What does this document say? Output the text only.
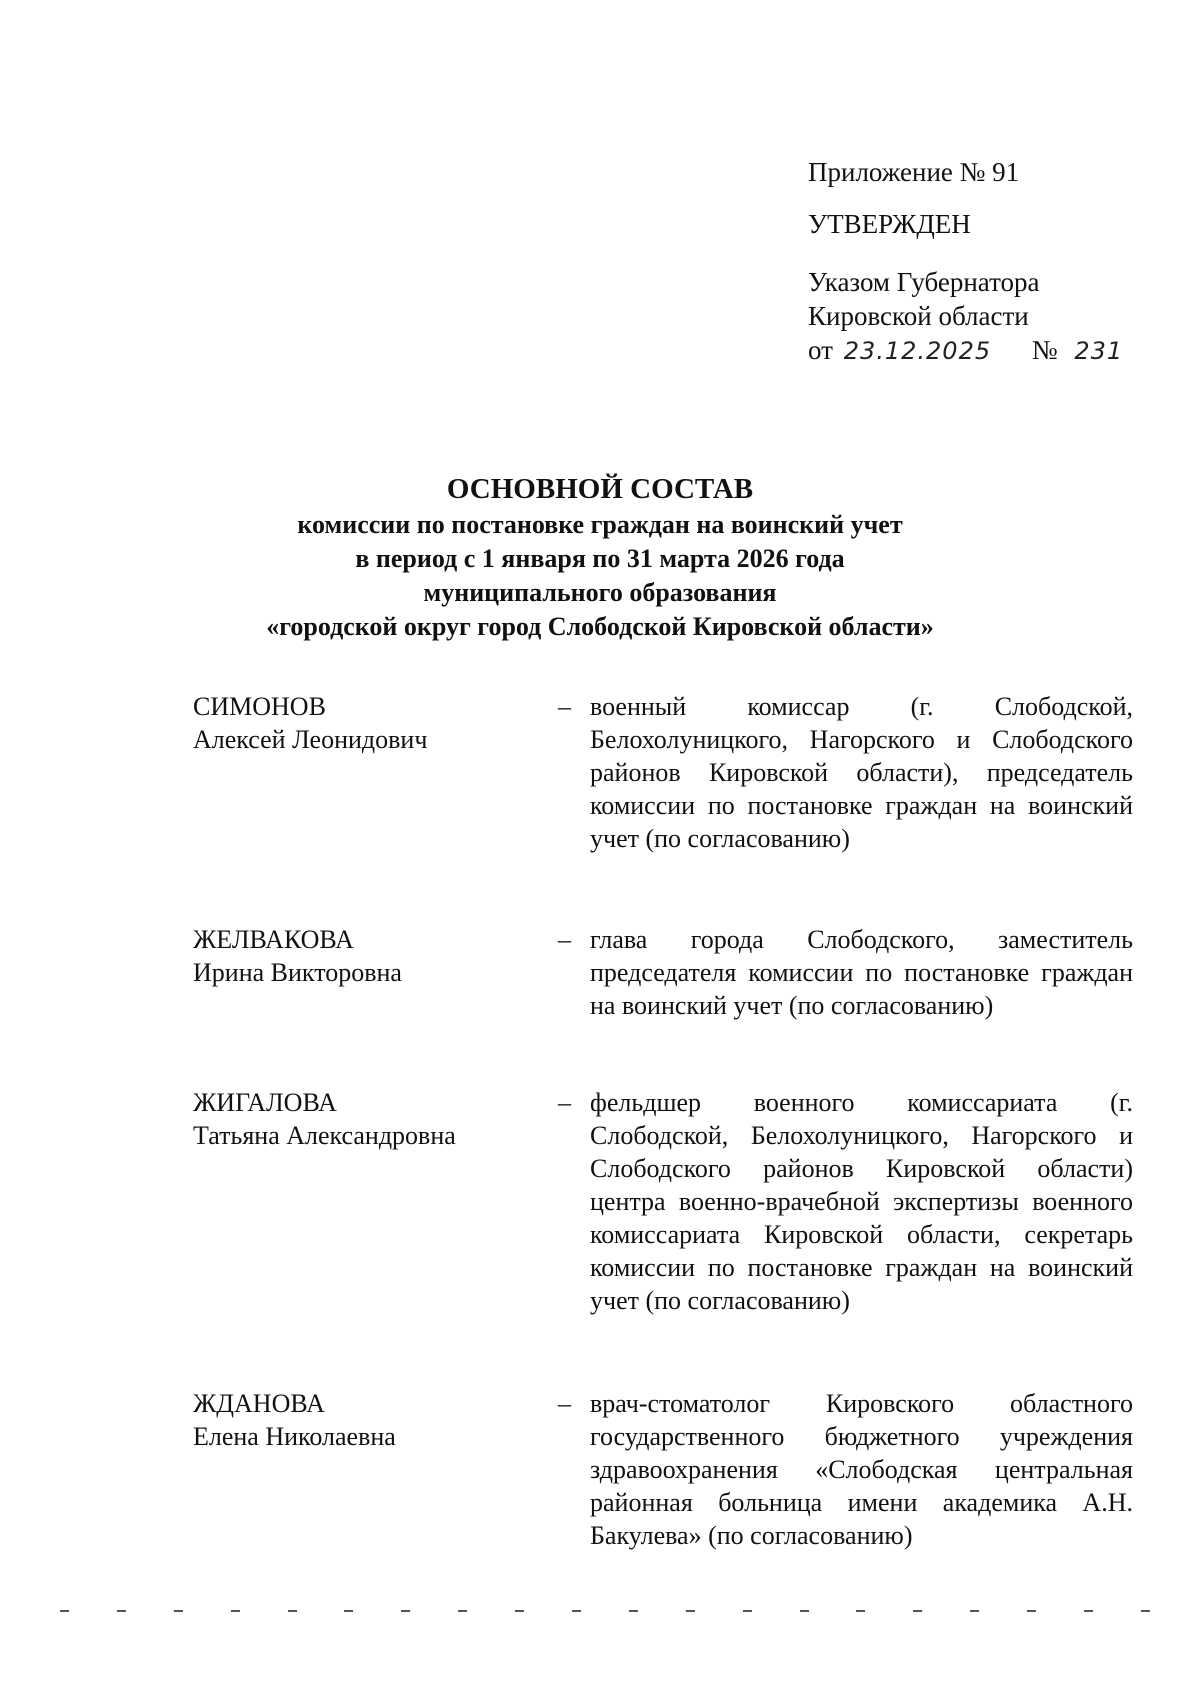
Приложение № 91
УТВЕРЖДЕН
Указом Губернатора
Кировской области
от 23.12.2025 № 231
ОСНОВНОЙ СОСТАВ
комиссии по постановке граждан на воинский учет
в период с 1 января по 31 марта 2026 года
муниципального образования
«городской округ город Слободской Кировской области»
СИМОНОВ
Алексей Леонидович
– военный комиссар (г. Слободской, Белохолуницкого, Нагорского и Слободского районов Кировской области), председатель комиссии по постановке граждан на воинский учет (по согласованию)
ЖЕЛВАКОВА
Ирина Викторовна
– глава города Слободского, заместитель председателя комиссии по постановке граждан на воинский учет (по согласованию)
ЖИГАЛОВА
Татьяна Александровна
– фельдшер военного комиссариата (г. Слободской, Белохолуницкого, Нагорского и Слободского районов Кировской области) центра военно-врачебной экспертизы военного комиссариата Кировской области, секретарь комиссии по постановке граждан на воинский учет (по согласованию)
ЖДАНОВА
Елена Николаевна
– врач-стоматолог Кировского областного государственного бюджетного учреждения здравоохранения «Слободская центральная районная больница имени академика А.Н. Бакулева» (по согласованию)
